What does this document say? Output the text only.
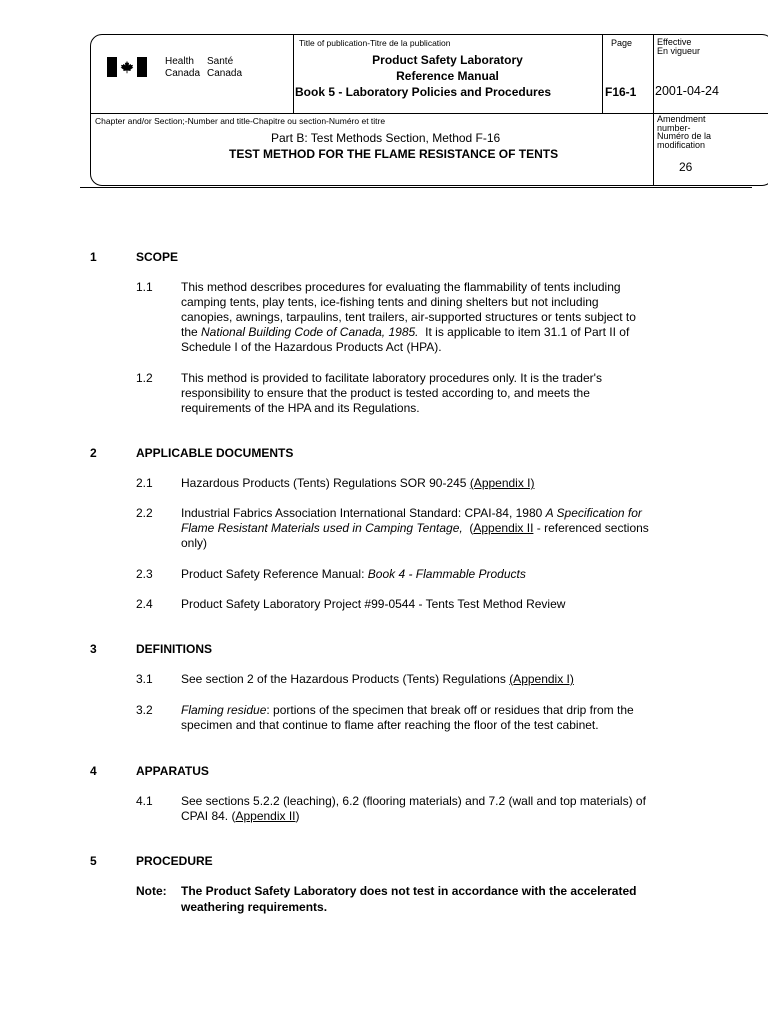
Health Santé
Canada Canada
Title of publication-Titre de la publication
Product Safety Laboratory
Reference Manual
Book 5 - Laboratory Policies and Procedures
Page
F16-1
Effective
En vigueur
2001-04-24
Chapter and/or Section;-Number and title-Chapitre ou section-Numéro et titre
Part B: Test Methods Section, Method F-16
TEST METHOD FOR THE FLAME RESISTANCE OF TENTS
Amendment
number-
Numéro de la
modification
26
1	SCOPE
1.1 This method describes procedures for evaluating the flammability of tents including
camping tents, play tents, ice-fishing tents and dining shelters but not including
canopies, awnings, tarpaulins, tent trailers, air-supported structures or tents subject to
the National Building Code of Canada, 1985.  It is applicable to item 31.1 of Part II of
Schedule I of the Hazardous Products Act (HPA).
1.2 This method is provided to facilitate laboratory procedures only. It is the trader's
responsibility to ensure that the product is tested according to, and meets the
requirements of the HPA and its Regulations.
2	APPLICABLE DOCUMENTS
2.1 Hazardous Products (Tents) Regulations SOR 90-245 (Appendix I)
2.2 Industrial Fabrics Association International Standard: CPAI-84, 1980 A Specification for
Flame Resistant Materials used in Camping Tentage,  (Appendix II - referenced sections
only)
2.3 Product Safety Reference Manual: Book 4 - Flammable Products
2.4 Product Safety Laboratory Project #99-0544 - Tents Test Method Review
3	DEFINITIONS
3.1 See section 2 of the Hazardous Products (Tents) Regulations (Appendix I)
3.2 Flaming residue: portions of the specimen that break off or residues that drip from the
specimen and that continue to flame after reaching the floor of the test cabinet.
4	APPARATUS
4.1 See sections 5.2.2 (leaching), 6.2 (flooring materials) and 7.2 (wall and top materials) of
CPAI 84. (Appendix II)
5	PROCEDURE
Note: The Product Safety Laboratory does not test in accordance with the accelerated
weathering requirements.
